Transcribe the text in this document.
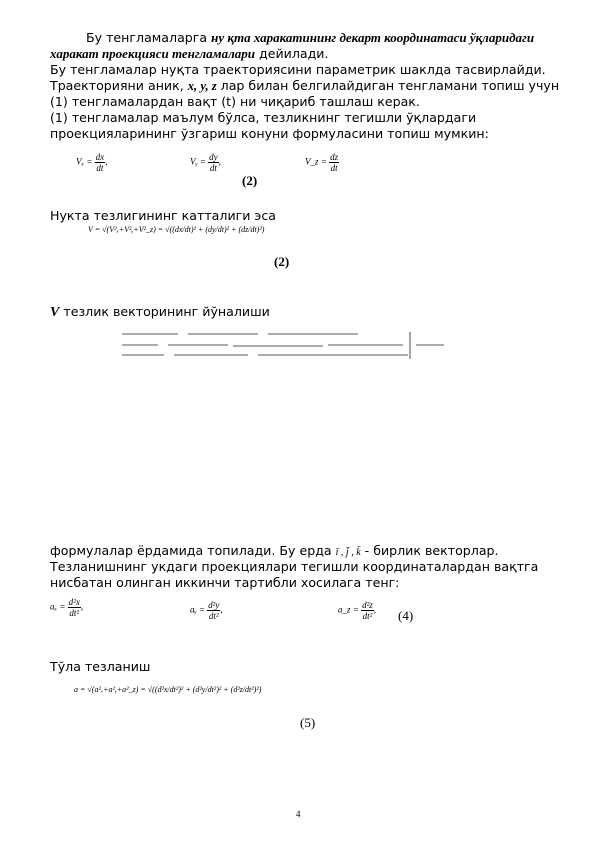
Бу тенгламаларга ну қта харакатининг декарт координатаси ўқларидаги
харакат проекцияси тенгламалари дейилади.
Бу тенгламалар нуқта траекториясини параметрик шаклда тасвирлайди.
Траекторияни аник, x, y, z лар билан белгилайдиган тенгламани топиш учун
(1) тенгламалардан вақт (t) ни чиқариб ташлаш керак.
(1) тенгламалар маълум бўлса, тезликнинг тегишли ўқлардаги
проекцияларининг ўзгариш конуни формуласини топиш мумкин:
$V_x = \frac{dx}{dt}$ ,	Vᵧ = $\frac{dy}{dt}$ ,
(2)
V_z = $\frac{dz}{dt}$
Нукта тезлигининг катталиги эса
V = √(V²ₓ+V²ᵧ+V²_z) = √((dx/dt)² + (dy/dt)² + (dz/dt)²)
(2)
V тезлик векторининг йўналиши
формулалар ёрдамида топилади. Бу ерда ī , j̄ , k̄ - бирлик векторлар.
Тезланишнинг укдаги проекциялари тегишли координаталардан вақтга
нисбатан олинган иккинчи тартибли хосилага тенг:
$a_x = \frac{\text{d²x}}{\text{dt²}}$ ,	aᵧ = $\frac{\text{d²y}}{\text{dt²}}$ ,	a_z = $\frac{\text{d²z}}{\text{dt²}}$ , (4)
Тўла тезланиш
a = √(a²ₓ+a²ᵧ+a²_z) = √((d²x/dt²)² + (d²y/dt²)² + (d²z/dt²)²)
(5)
4
